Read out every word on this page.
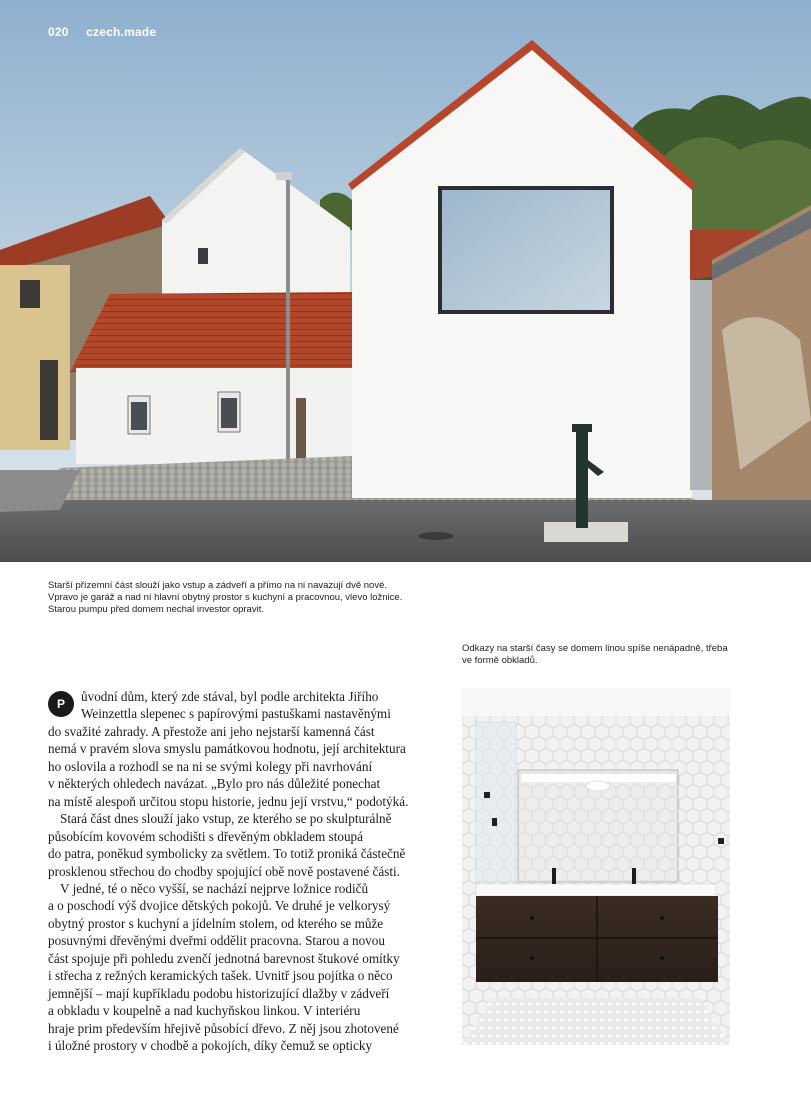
020 czech.made

Starší přízemní část slouží jako vstup a zádveří a přímo na ni navazují dvě nové.

Vpravo je garáž a nad ní hlavní obytný prostor s kuchyní a pracovnou, vlevo ložnice.

Starou pumpu před domem nechal investor opravit.

Odkazy na starší časy se domem linou spíše nenápadně, třeba

ve formě obkladů.

P	ůvodní dům, který zde stával, byl podle architekta Jiřího

Weinzettla slepenec s papírovými pastuškami nastavěnými

do svažité zahrady. A přestože ani jeho nejstarší kamenná část

nemá v pravém slova smyslu památkovou hodnotu, její architektura

ho oslovila a rozhodl se na ni se svými kolegy při navrhování

v některých ohledech navázat. „Bylo pro nás důležité ponechat

na místě alespoň určitou stopu historie, jednu její vrstvu,“ podotýká.

Stará část dnes slouží jako vstup, ze kterého se po skulpturálně

působícím kovovém schodišti s dřevěným obkladem stoupá

do patra, poněkud symbolicky za světlem. To totiž proniká částečně

prosklenou střechou do chodby spojující obě nově postavené části.

V jedné, té o něco vyšší, se nachází nejprve ložnice rodičů

a o poschodí výš dvojice dětských pokojů. Ve druhé je velkorysý

obytný prostor s kuchyní a jídelním stolem, od kterého se může

posuvnými dřevěnými dveřmi oddělit pracovna. Starou a novou

část spojuje při pohledu zvenčí jednotná barevnost štukové omítky

i střecha z režných keramických tašek. Uvnitř jsou pojítka o něco

jemnější – mají kupříkladu podobu historizující dlažby v zádveří

a obkladu v koupelně a nad kuchyňskou linkou. V interiéru

hraje prim především hřejivě působící dřevo. Z něj jsou zhotovené

i úložné prostory v chodbě a pokojích, díky čemuž se opticky
